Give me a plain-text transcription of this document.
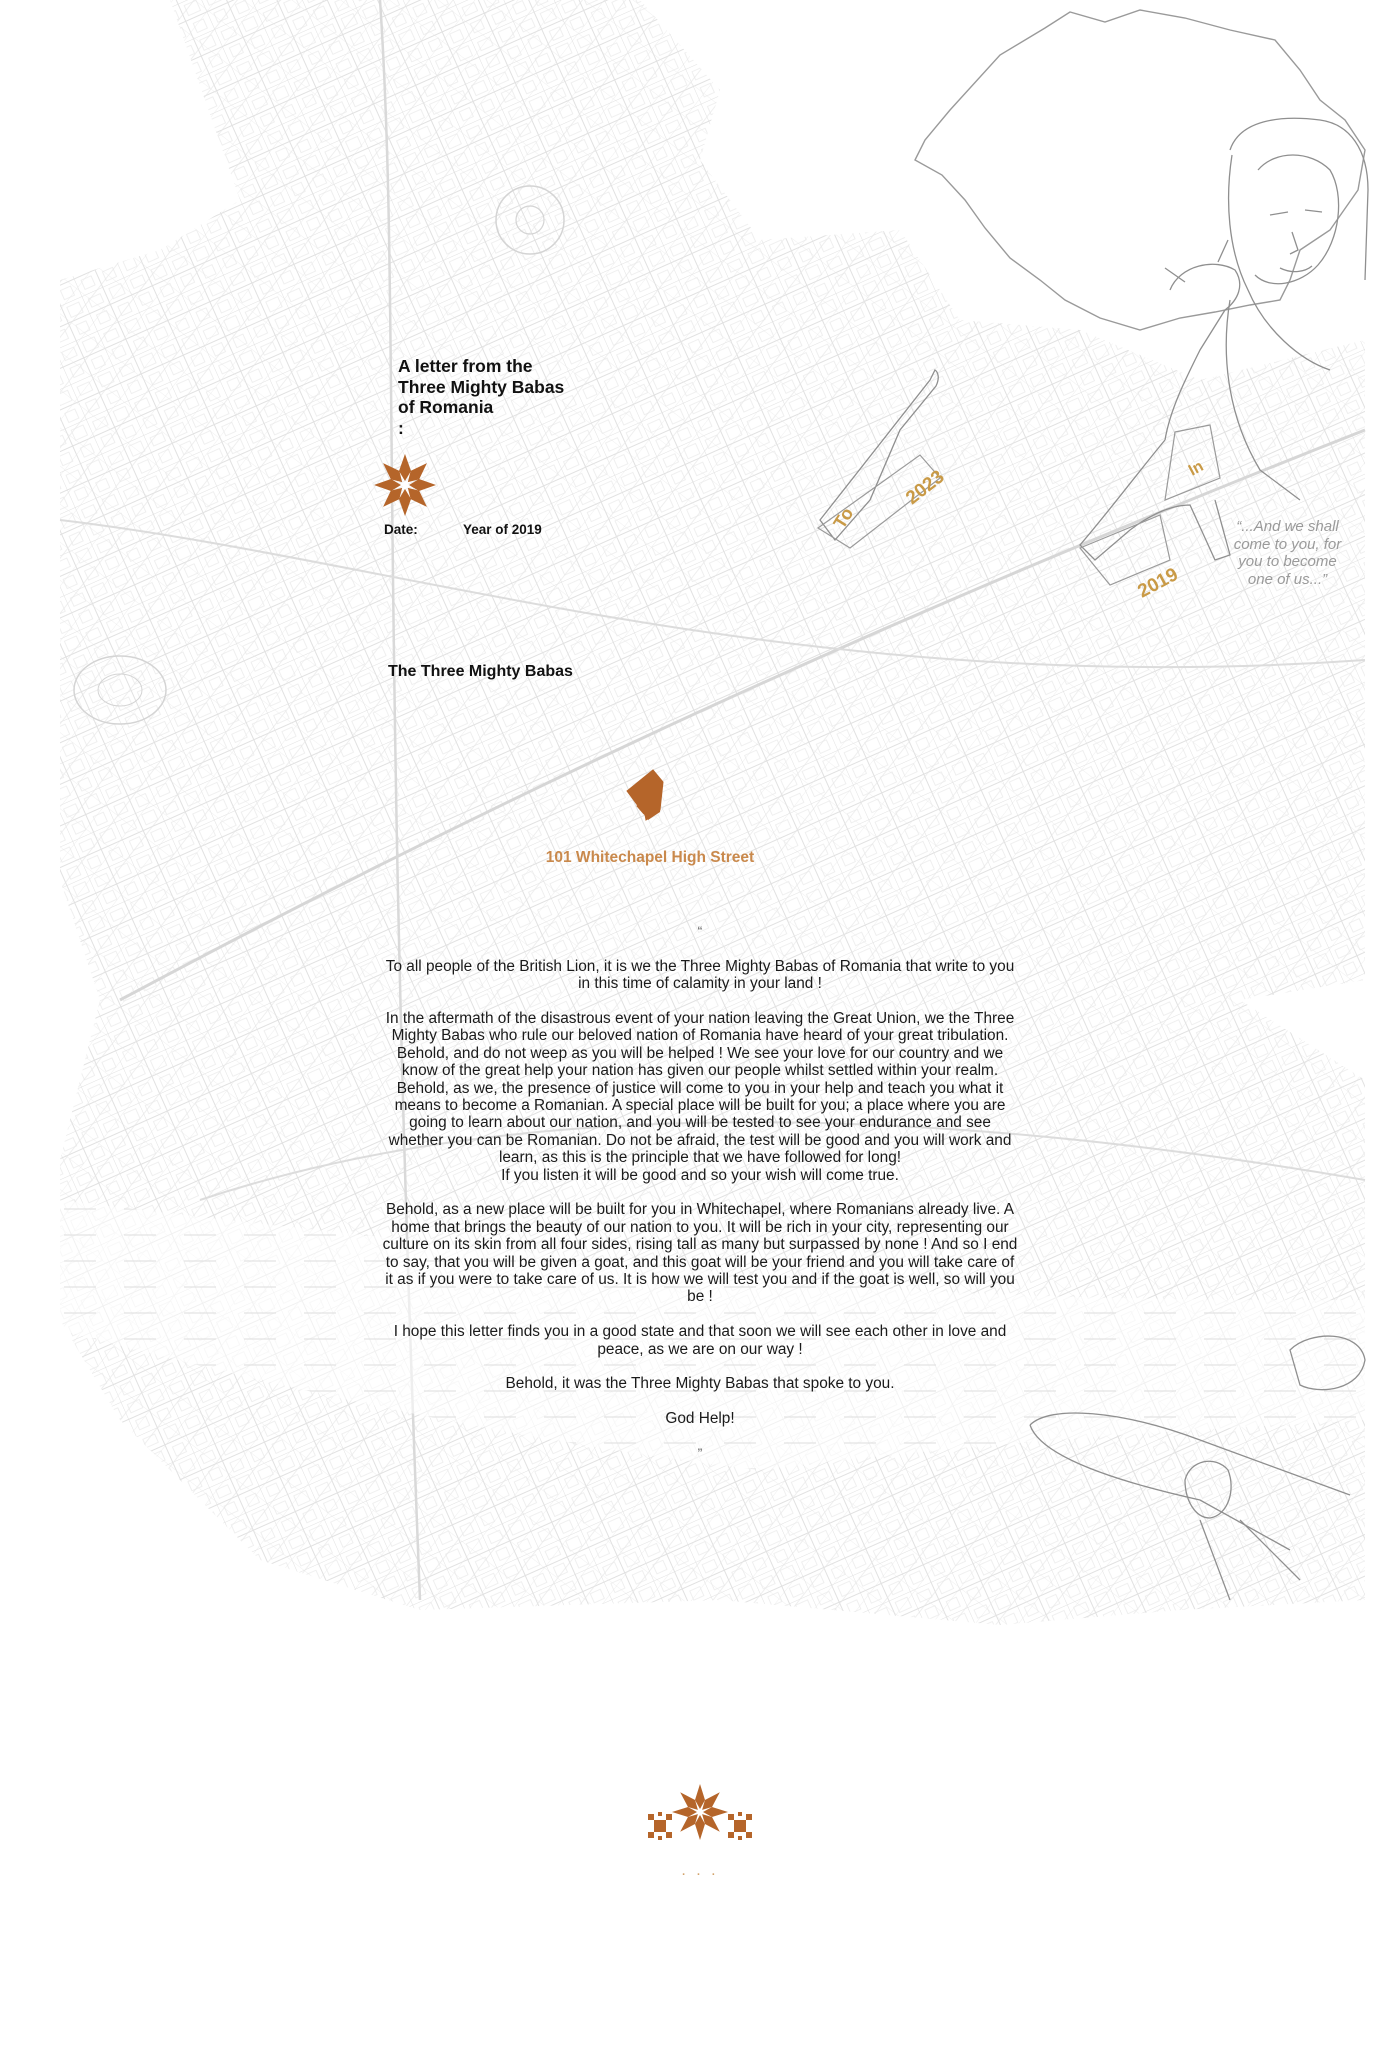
To
2023	In
2019
A letter from the
Three Mighty Babas
of Romania
:
Date:	Year of 2019
The Three Mighty Babas
101 Whitechapel High Street

“

To all people of the British Lion, it is we the Three Mighty Babas of Romania that write to you in this time of calamity in your land !

In the aftermath of the disastrous event of your nation leaving the Great Union, we the Three Mighty Babas who rule our beloved nation of Romania have heard of your great tribulation. Behold, and do not weep as you will be helped ! We see your love for our country and we know of the great help your nation has given our people whilst settled within your realm. Behold, as we, the presence of justice will come to you in your help and teach you what it means to become a Romanian. A special place will be built for you; a place where you are going to learn about our nation, and you will be tested to see your endurance and see whether you can be Romanian. Do not be afraid, the test will be good and you will work and learn, as this is the principle that we have followed for long!
If you listen it will be good and so your wish will come true.

Behold, as a new place will be built for you in Whitechapel, where Romanians already live. A home that brings the beauty of our nation to you. It will be rich in your city, representing our culture on its skin from all four sides, rising tall as many but surpassed by none ! And so I end to say, that you will be given a goat, and this goat will be your friend and you will take care of it as if you were to take care of us. It is how we will test you and if the goat is well, so will you be !

I hope this letter finds you in a good state and that soon we will see each other in love and peace, as we are on our way !

Behold, it was the Three Mighty Babas that spoke to you.

God Help!

”

“...And we shall
come to you, for
you to become
one of us...”
. . .
